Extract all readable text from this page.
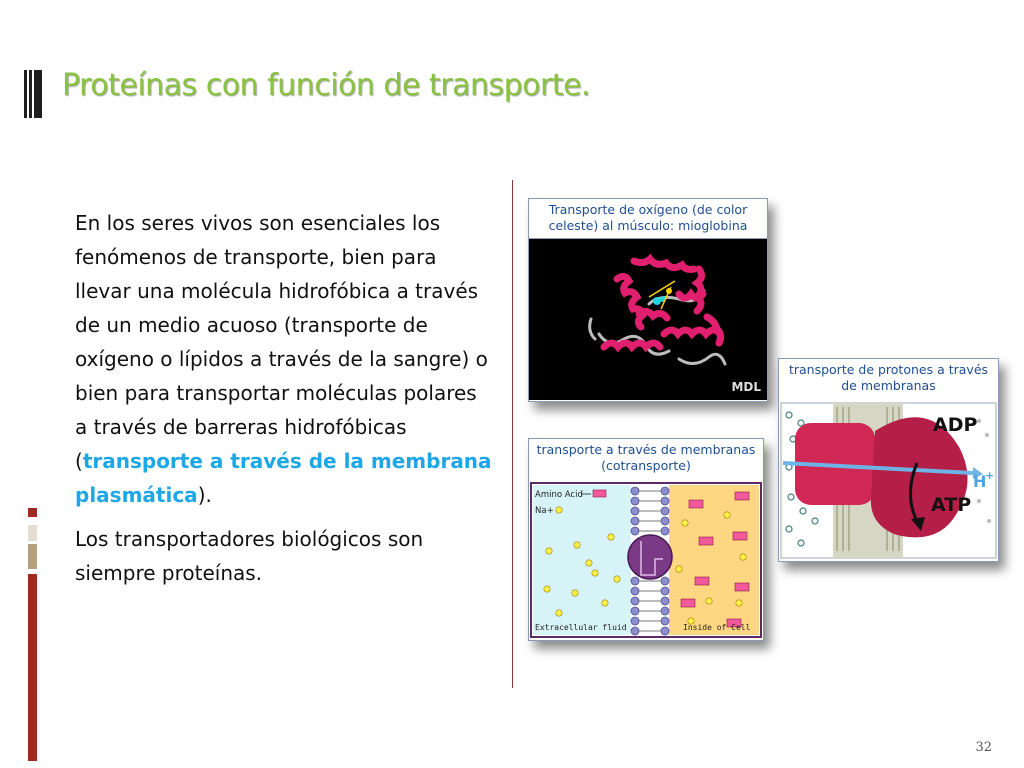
Proteínas con función de transporte.

En los seres vivos son esenciales los fenómenos de transporte, bien para llevar una molécula hidrofóbica a través de un medio acuoso (transporte de oxígeno o lípidos a través de la sangre) o bien para transportar moléculas polares a través de barreras hidrofóbicas (transporte a través de la membrana plasmática).

Los transportadores biológicos son siempre proteínas.

Transporte de oxígeno (de color celeste) al músculo: mioglobina
MDL
transporte a través de membranas (cotransporte)
Amino Acid
Na+
Extracellular fluid	Inside of Cell
transporte de protones a través de membranas
ADP
H
+
ATP
32
